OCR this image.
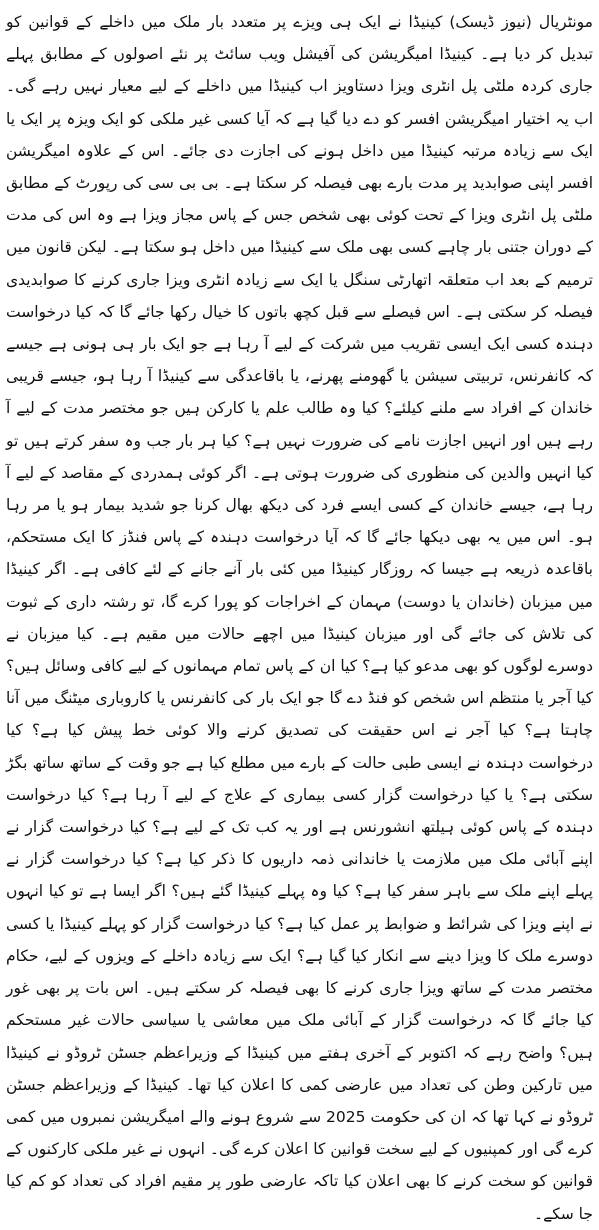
مونٹریال (نیوز ڈیسک) کینیڈا نے ایک ہی ویزے پر متعدد بار ملک میں داخلے کے قوانین کو تبدیل کر دیا ہے۔ کینیڈا امیگریشن کی آفیشل ویب سائٹ پر نئے اصولوں کے مطابق پہلے جاری کردہ ملٹی پل انٹری ویزا دستاویز اب کینیڈا میں داخلے کے لیے معیار نہیں رہے گی۔ اب یہ اختیار امیگریشن افسر کو دے دیا گیا ہے کہ آیا کسی غیر ملکی کو ایک ویزہ پر ایک یا ایک سے زیادہ مرتبہ کینیڈا میں داخل ہونے کی اجازت دی جائے۔ اس کے علاوہ امیگریشن افسر اپنی صوابدید پر مدت بارے بھی فیصلہ کر سکتا ہے۔ بی بی سی کی رپورٹ کے مطابق ملٹی پل انٹری ویزا کے تحت کوئی بھی شخص جس کے پاس مجاز ویزا ہے وہ اس کی مدت کے دوران جتنی بار چاہے کسی بھی ملک سے کینیڈا میں داخل ہو سکتا ہے۔ لیکن قانون میں ترمیم کے بعد اب متعلقہ اتھارٹی سنگل یا ایک سے زیادہ انٹری ویزا جاری کرنے کا صوابدیدی فیصلہ کر سکتی ہے۔ اس فیصلے سے قبل کچھ باتوں کا خیال رکھا جائے گا کہ کیا درخواست دہندہ کسی ایک ایسی تقریب میں شرکت کے لیے آ رہا ہے جو ایک بار ہی ہونی ہے جیسے کہ کانفرنس، تربیتی سیشن یا گھومنے پھرنے، یا باقاعدگی سے کینیڈا آ رہا ہو، جیسے قریبی خاندان کے افراد سے ملنے کیلئے؟ کیا وہ طالب علم یا کارکن ہیں جو مختصر مدت کے لیے آ رہے ہیں اور انہیں اجازت نامے کی ضرورت نہیں ہے؟ کیا ہر بار جب وہ سفر کرتے ہیں تو کیا انہیں والدین کی منظوری کی ضرورت ہوتی ہے۔ اگر کوئی ہمدردی کے مقاصد کے لیے آ رہا ہے، جیسے خاندان کے کسی ایسے فرد کی دیکھ بھال کرنا جو شدید بیمار ہو یا مر رہا ہو۔ اس میں یہ بھی دیکھا جائے گا کہ آیا درخواست دہندہ کے پاس فنڈز کا ایک مستحکم، باقاعدہ ذریعہ ہے جیسا کہ روزگار کینیڈا میں کئی بار آنے جانے کے لئے کافی ہے۔ اگر کینیڈا میں میزبان (خاندان یا دوست) مہمان کے اخراجات کو پورا کرے گا، تو رشتہ داری کے ثبوت کی تلاش کی جائے گی اور میزبان کینیڈا میں اچھے حالات میں مقیم ہے۔ کیا میزبان نے دوسرے لوگوں کو بھی مدعو کیا ہے؟ کیا ان کے پاس تمام مہمانوں کے لیے کافی وسائل ہیں؟ کیا آجر یا منتظم اس شخص کو فنڈ دے گا جو ایک بار کی کانفرنس یا کاروباری میٹنگ میں آنا چاہتا ہے؟ کیا آجر نے اس حقیقت کی تصدیق کرنے والا کوئی خط پیش کیا ہے؟ کیا درخواست دہندہ نے ایسی طبی حالت کے بارے میں مطلع کیا ہے جو وقت کے ساتھ ساتھ بگڑ سکتی ہے؟ یا کیا درخواست گزار کسی بیماری کے علاج کے لیے آ رہا ہے؟ کیا درخواست دہندہ کے پاس کوئی ہیلتھ انشورنس ہے اور یہ کب تک کے لیے ہے؟ کیا درخواست گزار نے اپنے آبائی ملک میں ملازمت یا خاندانی ذمہ داریوں کا ذکر کیا ہے؟ کیا درخواست گزار نے پہلے اپنے ملک سے باہر سفر کیا ہے؟ کیا وہ پہلے کینیڈا گئے ہیں؟ اگر ایسا ہے تو کیا انہوں نے اپنے ویزا کی شرائط و ضوابط پر عمل کیا ہے؟ کیا درخواست گزار کو پہلے کینیڈا یا کسی دوسرے ملک کا ویزا دینے سے انکار کیا گیا ہے؟ ایک سے زیادہ داخلے کے ویزوں کے لیے، حکام مختصر مدت کے ساتھ ویزا جاری کرنے کا بھی فیصلہ کر سکتے ہیں۔ اس بات پر بھی غور کیا جائے گا کہ درخواست گزار کے آبائی ملک میں معاشی یا سیاسی حالات غیر مستحکم ہیں؟ واضح رہے کہ اکتوبر کے آخری ہفتے میں کینیڈا کے وزیراعظم جسٹن ٹروڈو نے کینیڈا میں تارکین وطن کی تعداد میں عارضی کمی کا اعلان کیا تھا۔ کینیڈا کے وزیراعظم جسٹن ٹروڈو نے کہا تھا کہ ان کی حکومت 2025 سے شروع ہونے والے امیگریشن نمبروں میں کمی کرے گی اور کمپنیوں کے لیے سخت قوانین کا اعلان کرے گی۔ انہوں نے غیر ملکی کارکنوں کے قوانین کو سخت کرنے کا بھی اعلان کیا تاکہ عارضی طور پر مقیم افراد کی تعداد کو کم کیا جا سکے۔
